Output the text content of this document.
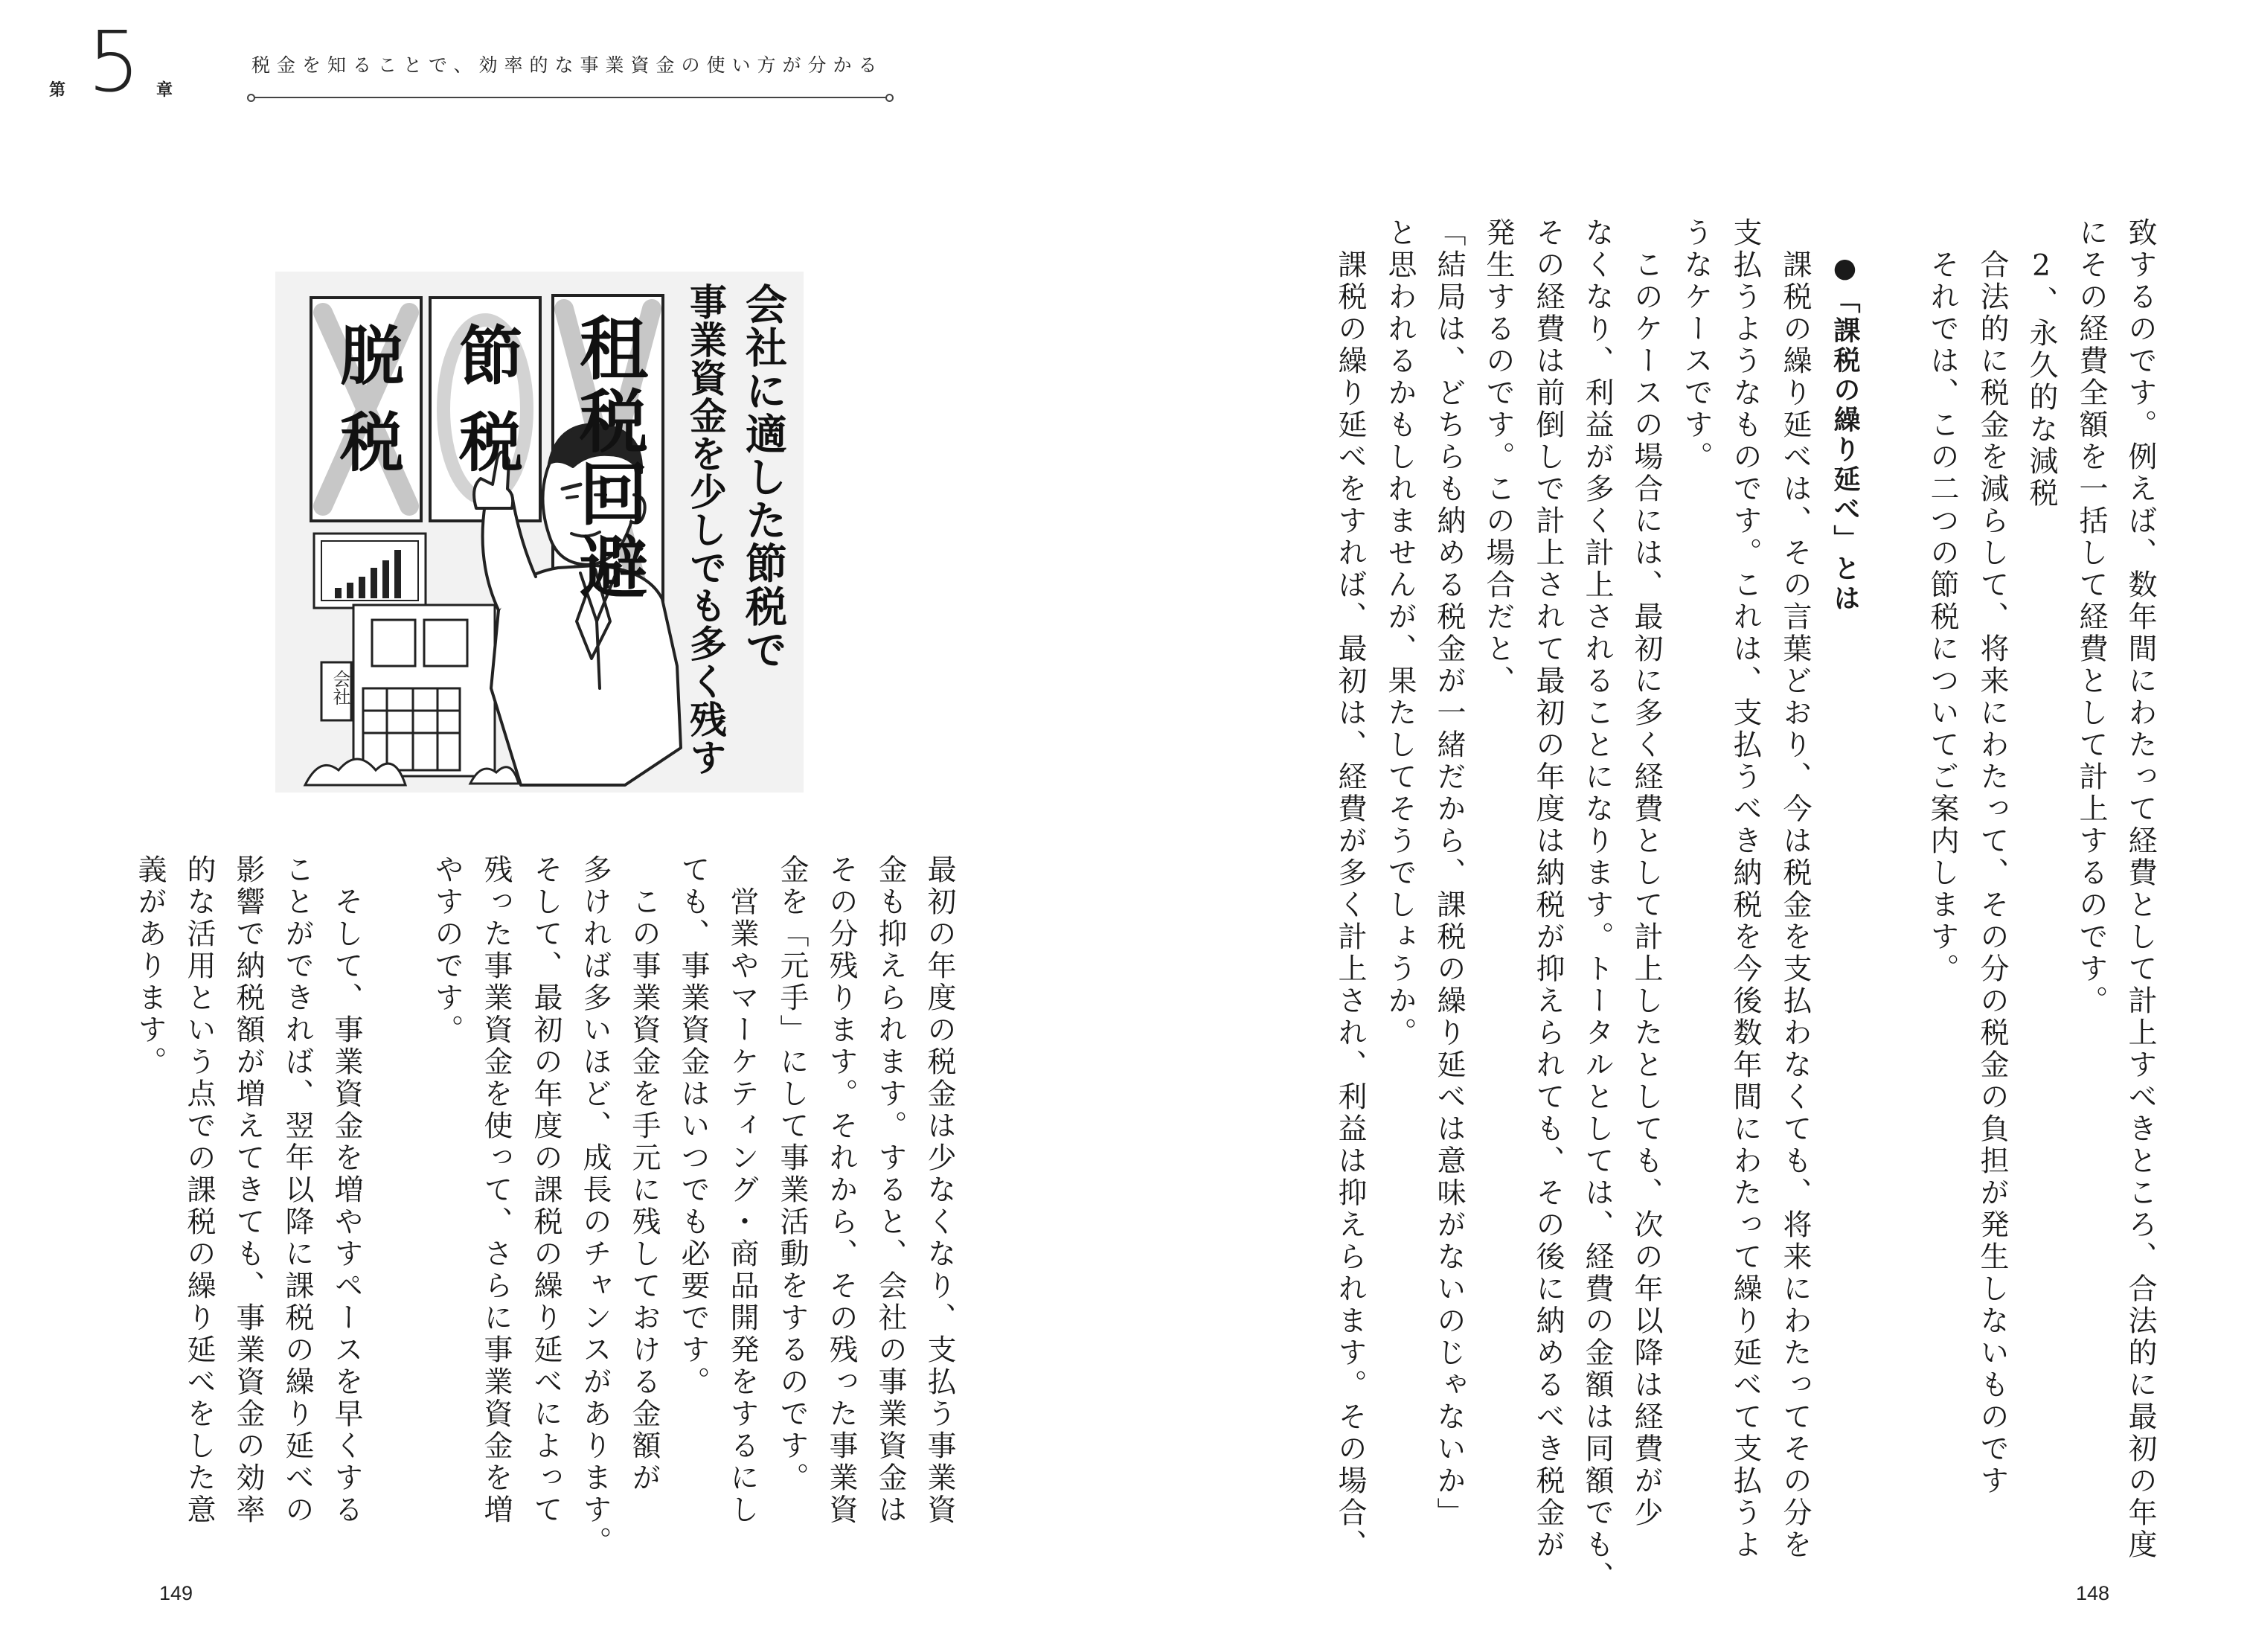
第 5 章
税金を知ることで、効率的な事業資金の使い方が分かる
致するのです。例えば、数年間にわたって経費として計上すべきところ、合法的に最初の年度
にその経費全額を一括して経費として計上するのです。
　2、永久的な減税
　合法的に税金を減らして、将来にわたって、その分の税金の負担が発生しないものです
　それでは、この二つの節税についてご案内します。
●「課税の繰り延べ」とは
　課税の繰り延べは、その言葉どおり、今は税金を支払わなくても、将来にわたってその分を
支払うようなものです。これは、支払うべき納税を今後数年間にわたって繰り延べて支払うよ
うなケースです。
　このケースの場合には、最初に多く経費として計上したとしても、次の年以降は経費が少
なくなり、利益が多く計上されることになります。トータルとしては、経費の金額は同額でも、
その経費は前倒しで計上されて最初の年度は納税が抑えられても、その後に納めるべき税金が
発生するのです。この場合だと、
「結局は、どちらも納める税金が一緒だから、課税の繰り延べは意味がないのじゃないか」
と思われるかもしれませんが、果たしてそうでしょうか。
　課税の繰り延べをすれば、最初は、経費が多く計上され、利益は抑えられます。その場合、
148
最初の年度の税金は少なくなり、支払う事業資
金も抑えられます。すると、会社の事業資金は
その分残ります。それから、その残った事業資
金を「元手」にして事業活動をするのです。
　営業やマーケティング・商品開発をするにし
ても、事業資金はいつでも必要です。
　この事業資金を手元に残しておける金額が
多ければ多いほど、成長のチャンスがあります。
そして、最初の年度の課税の繰り延べによって
残った事業資金を使って、さらに事業資金を増
やすのです。
　そして、事業資金を増やすペースを早くする
ことができれば、翌年以降に課税の繰り延べの
影響で納税額が増えてきても、事業資金の効率
的な活用という点での課税の繰り延べをした意
義があります。
149
租税回避
節税
脱税	会社に適した節税で
事業資金を少しでも多く残す
会社
